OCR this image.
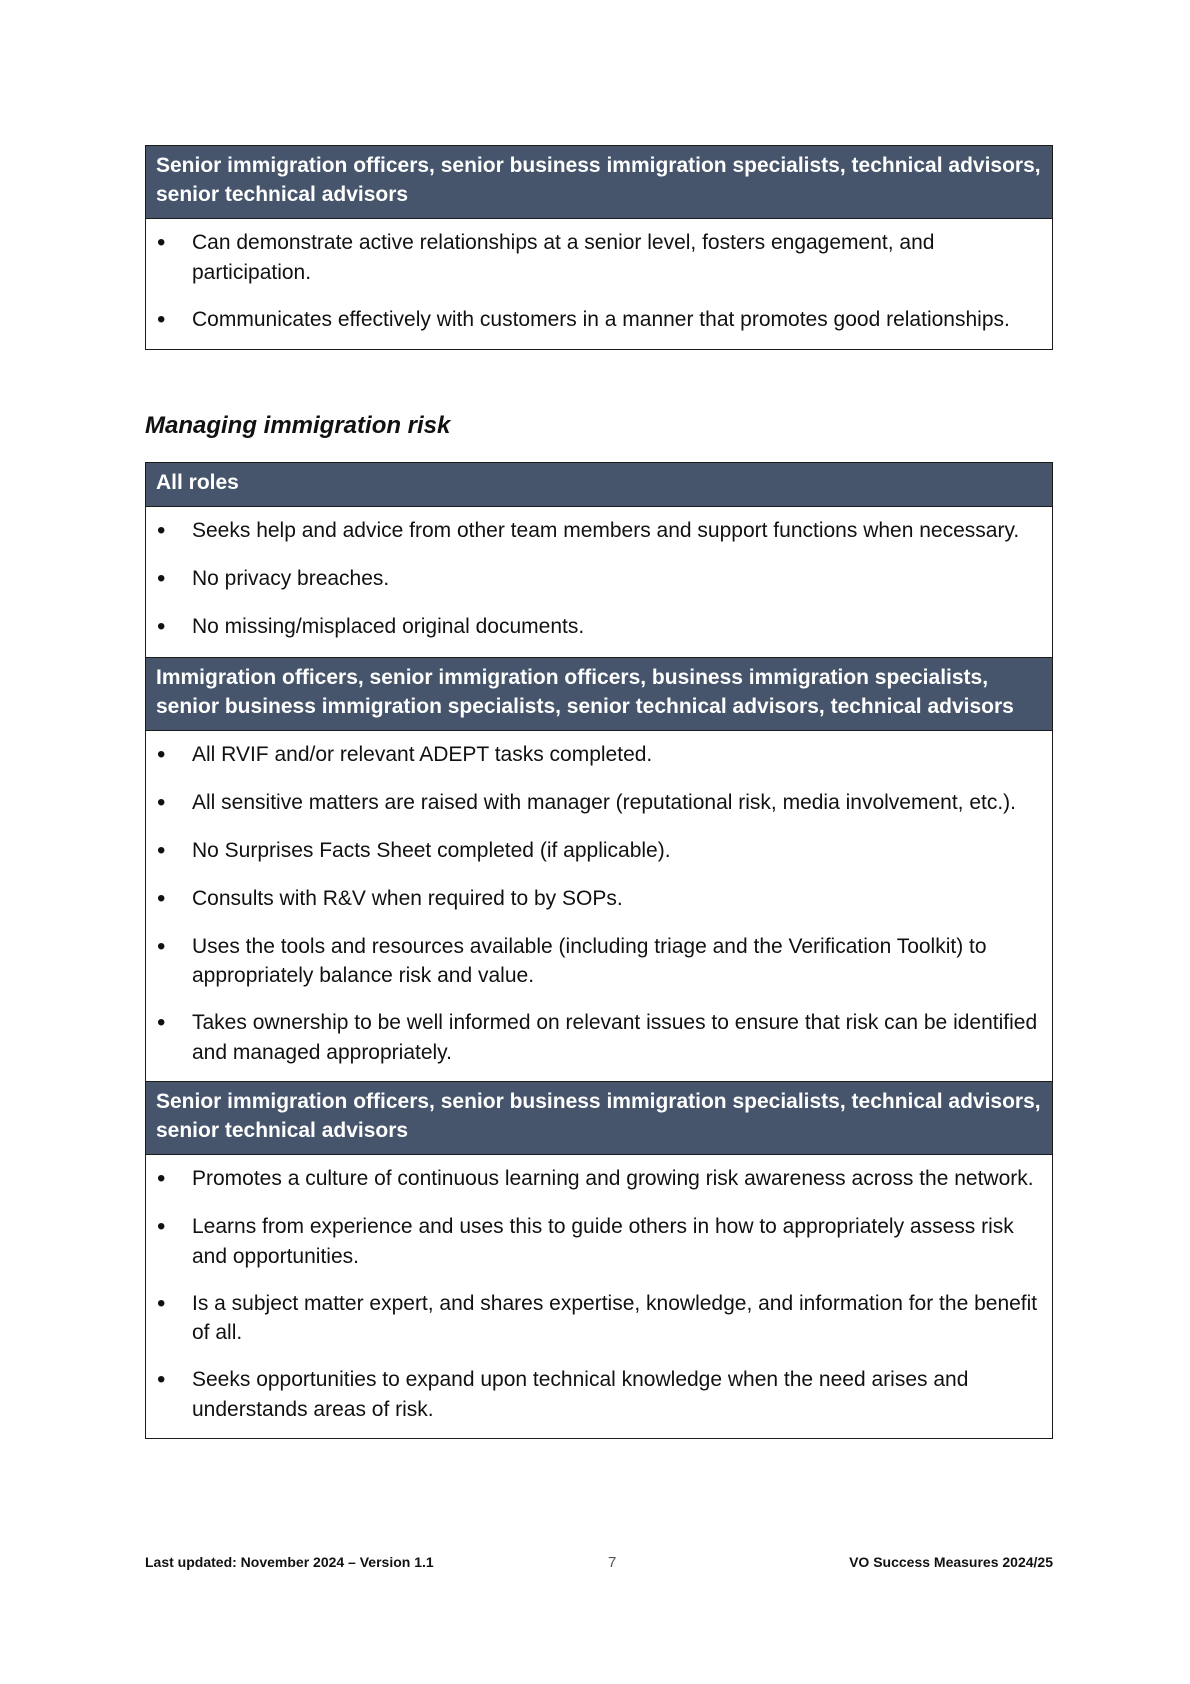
Senior immigration officers, senior business immigration specialists, technical advisors, senior technical advisors
•
Can demonstrate active relationships at a senior level, fosters engagement, and participation.
•
Communicates effectively with customers in a manner that promotes good relationships.
Managing immigration risk
All roles
•
Seeks help and advice from other team members and support functions when necessary.
•
No privacy breaches.
•
No missing/misplaced original documents.
Immigration officers, senior immigration officers, business immigration specialists, senior business immigration specialists, senior technical advisors, technical advisors
•
All RVIF and/or relevant ADEPT tasks completed.
•
All sensitive matters are raised with manager (reputational risk, media involvement, etc.).
•
No Surprises Facts Sheet completed (if applicable).
•
Consults with R&V when required to by SOPs.
•
Uses the tools and resources available (including triage and the Verification Toolkit) to appropriately balance risk and value.
•
Takes ownership to be well informed on relevant issues to ensure that risk can be identified and managed appropriately.
Senior immigration officers, senior business immigration specialists, technical advisors, senior technical advisors
•
Promotes a culture of continuous learning and growing risk awareness across the network.
•
Learns from experience and uses this to guide others in how to appropriately assess risk and opportunities.
•
Is a subject matter expert, and shares expertise, knowledge, and information for the benefit of all.
•
Seeks opportunities to expand upon technical knowledge when the need arises and understands areas of risk.
Last updated: November 2024 – Version 1.1	7	VO Success Measures 2024/25
